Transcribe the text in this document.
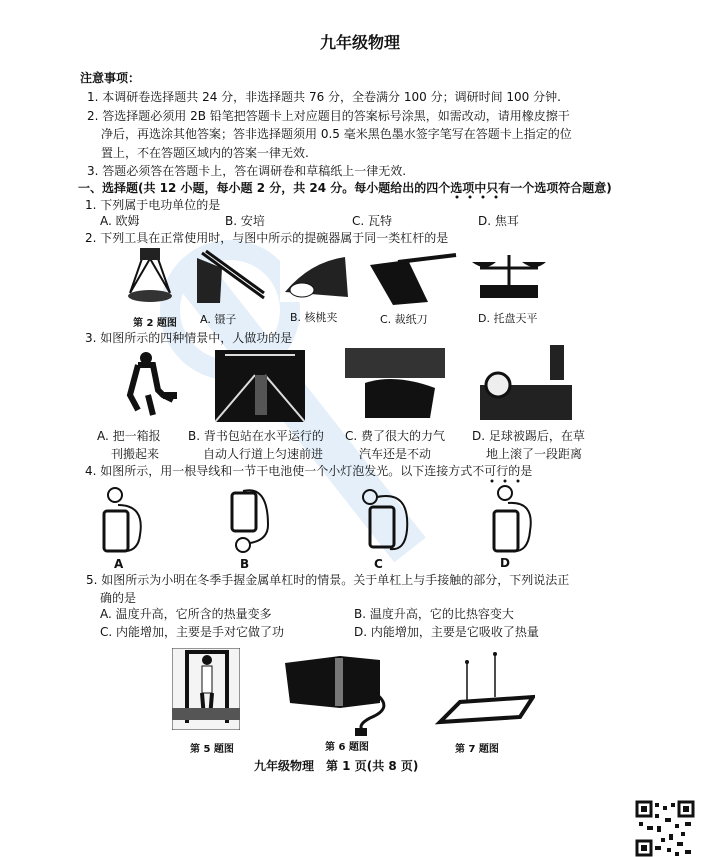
九年级物理
注意事项：
1. 本调研卷选择题共 24 分，非选择题共 76 分，全卷满分 100 分；调研时间 100 分钟.
2. 答选择题必须用 2B 铅笔把答题卡上对应题目的答案标号涂黑，如需改动，请用橡皮擦干
净后，再选涂其他答案；答非选择题须用 0.5 毫米黑色墨水签字笔写在答题卡上指定的位
置上，不在答题区域内的答案一律无效.
3. 答题必须答在答题卡上，答在调研卷和草稿纸上一律无效.
一、选择题(共 12 小题，每小题 2 分，共 24 分。每小题给出的四个选项中只有一个选项符合题意)
1. 下列属于电功单位的是
A. 欧姆	B. 安培	C. 瓦特	D. 焦耳
2. 下列工具在正常使用时，与图中所示的提碗器属于同一类杠杆的是
第 2 题图 A. 镊子	B. 核桃夹	C. 裁纸刀	D. 托盘天平
3. 如图所示的四种情景中，人做功的是
A. 把一箱报
刊搬起来
B. 背书包站在水平运行的
自动人行道上匀速前进
C. 费了很大的力气
汽车还是不动
D. 足球被踢后，在草
地上滚了一段距离
4. 如图所示，用一根导线和一节干电池使一个小灯泡发光。以下连接方式不可行的是
A	B	C	D
5. 如图所示为小明在冬季手握金属单杠时的情景。关于单杠上与手接触的部分，下列说法正
确的是
A. 温度升高，它所含的热量变多	B. 温度升高，它的比热容变大
C. 内能增加，主要是手对它做了功	D. 内能增加，主要是它吸收了热量
第 5 题图	第 6 题图	第 7 题图
九年级物理　第 1 页(共 8 页)
